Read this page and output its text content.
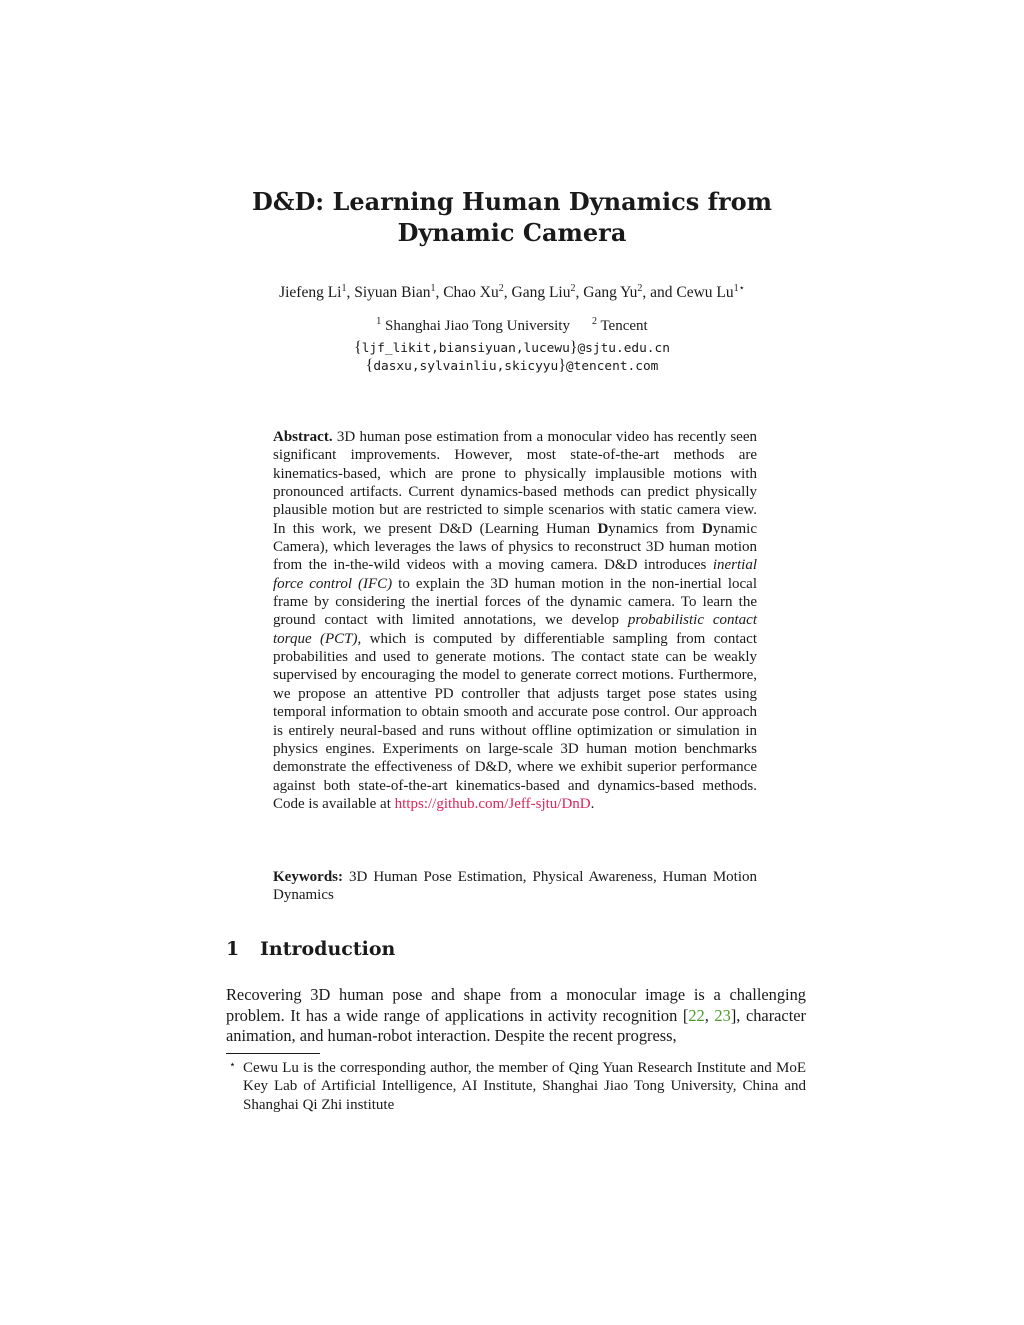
D&D: Learning Human Dynamics from
Dynamic Camera
Jiefeng Li$^1$, Siyuan Bian$^1$, Chao Xu$^2$, Gang Liu$^2$, Gang Yu$^2$, and Cewu $Lu^{1⋆}$
$^1$ Shanghai Jiao Tong University $^2$ Tencent
{ljf_likit,biansiyuan,lucewu}@sjtu.edu.cn
{dasxu,sylvainliu,skicyyu}@tencent.com

Abstract. 3D human pose estimation from a monocular video has recently seen significant improvements. However, most state-of-the-art methods are kinematics-based, which are prone to physically implausible motions with pronounced artifacts. Current dynamics-based methods can predict physically plausible motion but are restricted to simple scenarios with static camera view. In this work, we present D&D (Learning Human Dynamics from Dynamic Camera), which leverages the laws of physics to reconstruct 3D human motion from the in-the-wild videos with a moving camera. D&D introduces inertial force control (IFC) to explain the 3D human motion in the non-inertial local frame by considering the inertial forces of the dynamic camera. To learn the ground contact with limited annotations, we develop probabilistic contact torque (PCT), which is computed by differentiable sampling from contact probabilities and used to generate motions. The contact state can be weakly supervised by encouraging the model to generate correct motions. Furthermore, we propose an attentive PD controller that adjusts target pose states using temporal information to obtain smooth and accurate pose control. Our approach is entirely neural-based and runs without offline optimization or simulation in physics engines. Experiments on large-scale 3D human motion benchmarks demonstrate the effectiveness of D&D, where we exhibit superior performance against both state-of-the-art kinematics-based and dynamics-based methods. Code is available at https://github.com/Jeff-sjtu/DnD.

Keywords: 3D Human Pose Estimation, Physical Awareness, Human Motion Dynamics
1 Introduction

Recovering 3D human pose and shape from a monocular image is a challenging problem. It has a wide range of applications in activity recognition [22, 23], character animation, and human-robot interaction. Despite the recent progress,

⋆ Cewu Lu is the corresponding author, the member of Qing Yuan Research Institute and MoE Key Lab of Artificial Intelligence, AI Institute, Shanghai Jiao Tong University, China and Shanghai Qi Zhi institute
